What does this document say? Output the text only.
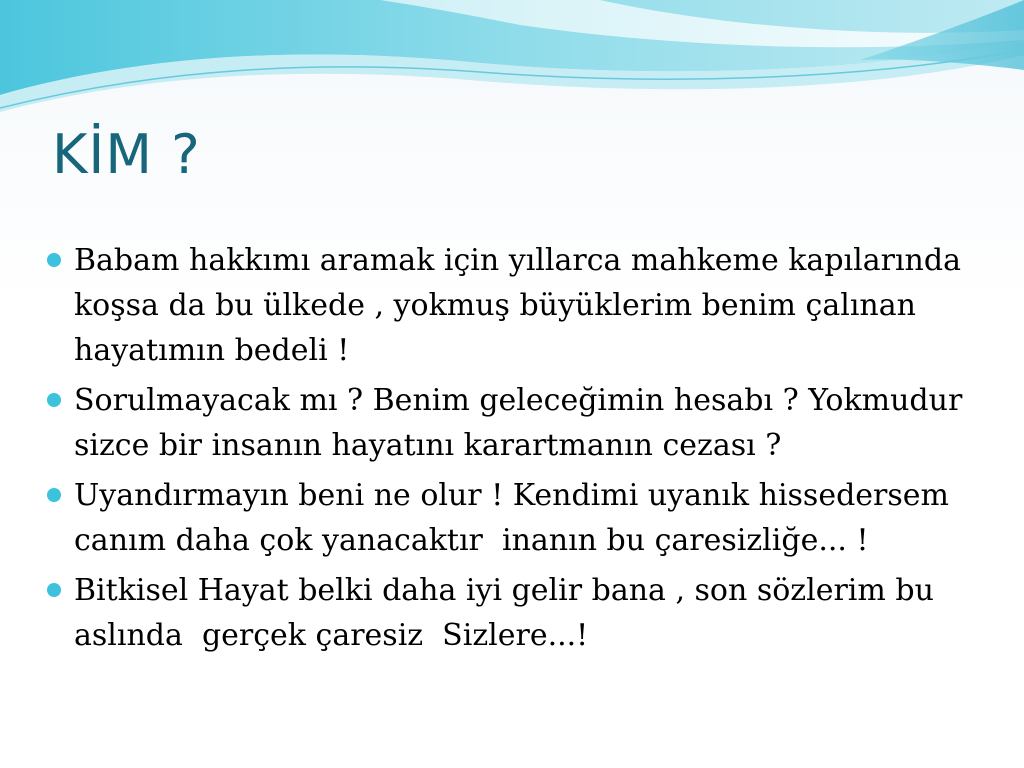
KİM ?
Babam hakkımı aramak için yıllarca mahkeme kapılarında koşsa da bu ülkede , yokmuş büyüklerim benim çalınan hayatımın bedeli !
Sorulmayacak mı ? Benim geleceğimin hesabı ? Yokmudur sizce bir insanın hayatını karartmanın cezası ?
Uyandırmayın beni ne olur ! Kendimi uyanık hissedersem canım daha çok yanacaktır  inanın bu çaresizliğe... !
Bitkisel Hayat belki daha iyi gelir bana , son sözlerim bu aslında  gerçek çaresiz  Sizlere...!
